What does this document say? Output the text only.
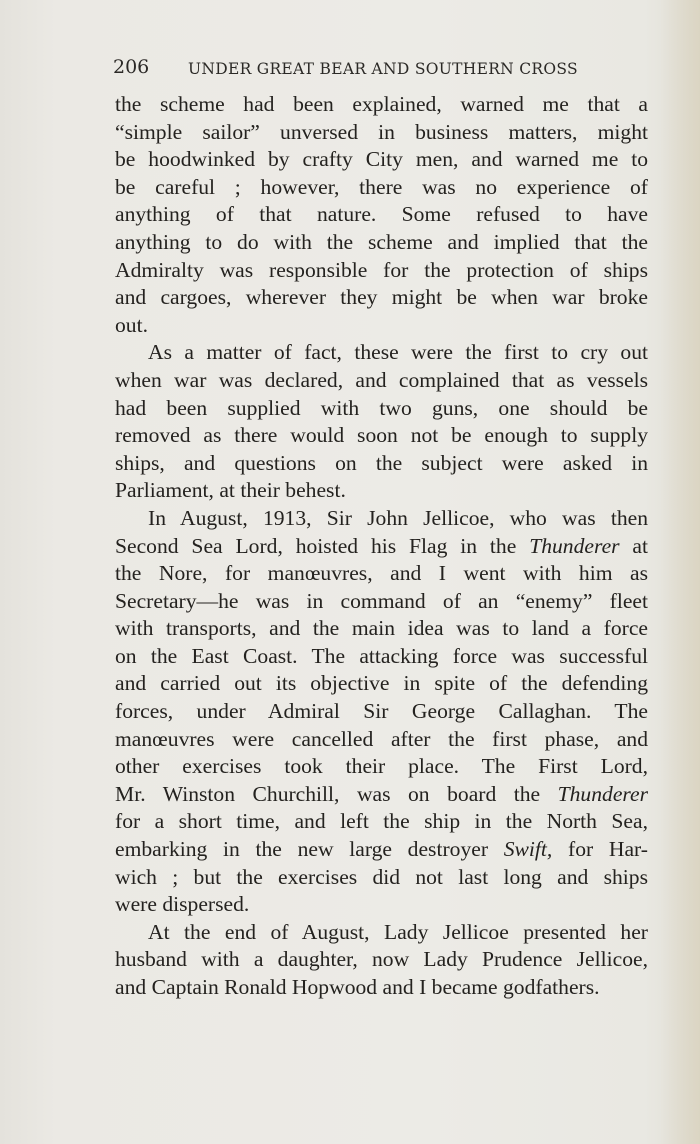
206 UNDER GREAT BEAR AND SOUTHERN CROSS
the scheme had been explained, warned me that a
“simple sailor” unversed in business matters, might
be hoodwinked by crafty City men, and warned me to
be careful ; however, there was no experience of
anything of that nature. Some refused to have
anything to do with the scheme and implied that the
Admiralty was responsible for the protection of ships
and cargoes, wherever they might be when war broke
out.
As a matter of fact, these were the first to cry out
when war was declared, and complained that as vessels
had been supplied with two guns, one should be
removed as there would soon not be enough to supply
ships, and questions on the subject were asked in
Parliament, at their behest.
In August, 1913, Sir John Jellicoe, who was then
Second Sea Lord, hoisted his Flag in the Thunderer at
the Nore, for manœuvres, and I went with him as
Secretary—he was in command of an “enemy” fleet
with transports, and the main idea was to land a force
on the East Coast. The attacking force was successful
and carried out its objective in spite of the defending
forces, under Admiral Sir George Callaghan. The
manœuvres were cancelled after the first phase, and
other exercises took their place. The First Lord,
Mr. Winston Churchill, was on board the Thunderer
for a short time, and left the ship in the North Sea,
embarking in the new large destroyer Swift, for Har-
wich ; but the exercises did not last long and ships
were dispersed.
At the end of August, Lady Jellicoe presented her
husband with a daughter, now Lady Prudence Jellicoe,
and Captain Ronald Hopwood and I became godfathers.
